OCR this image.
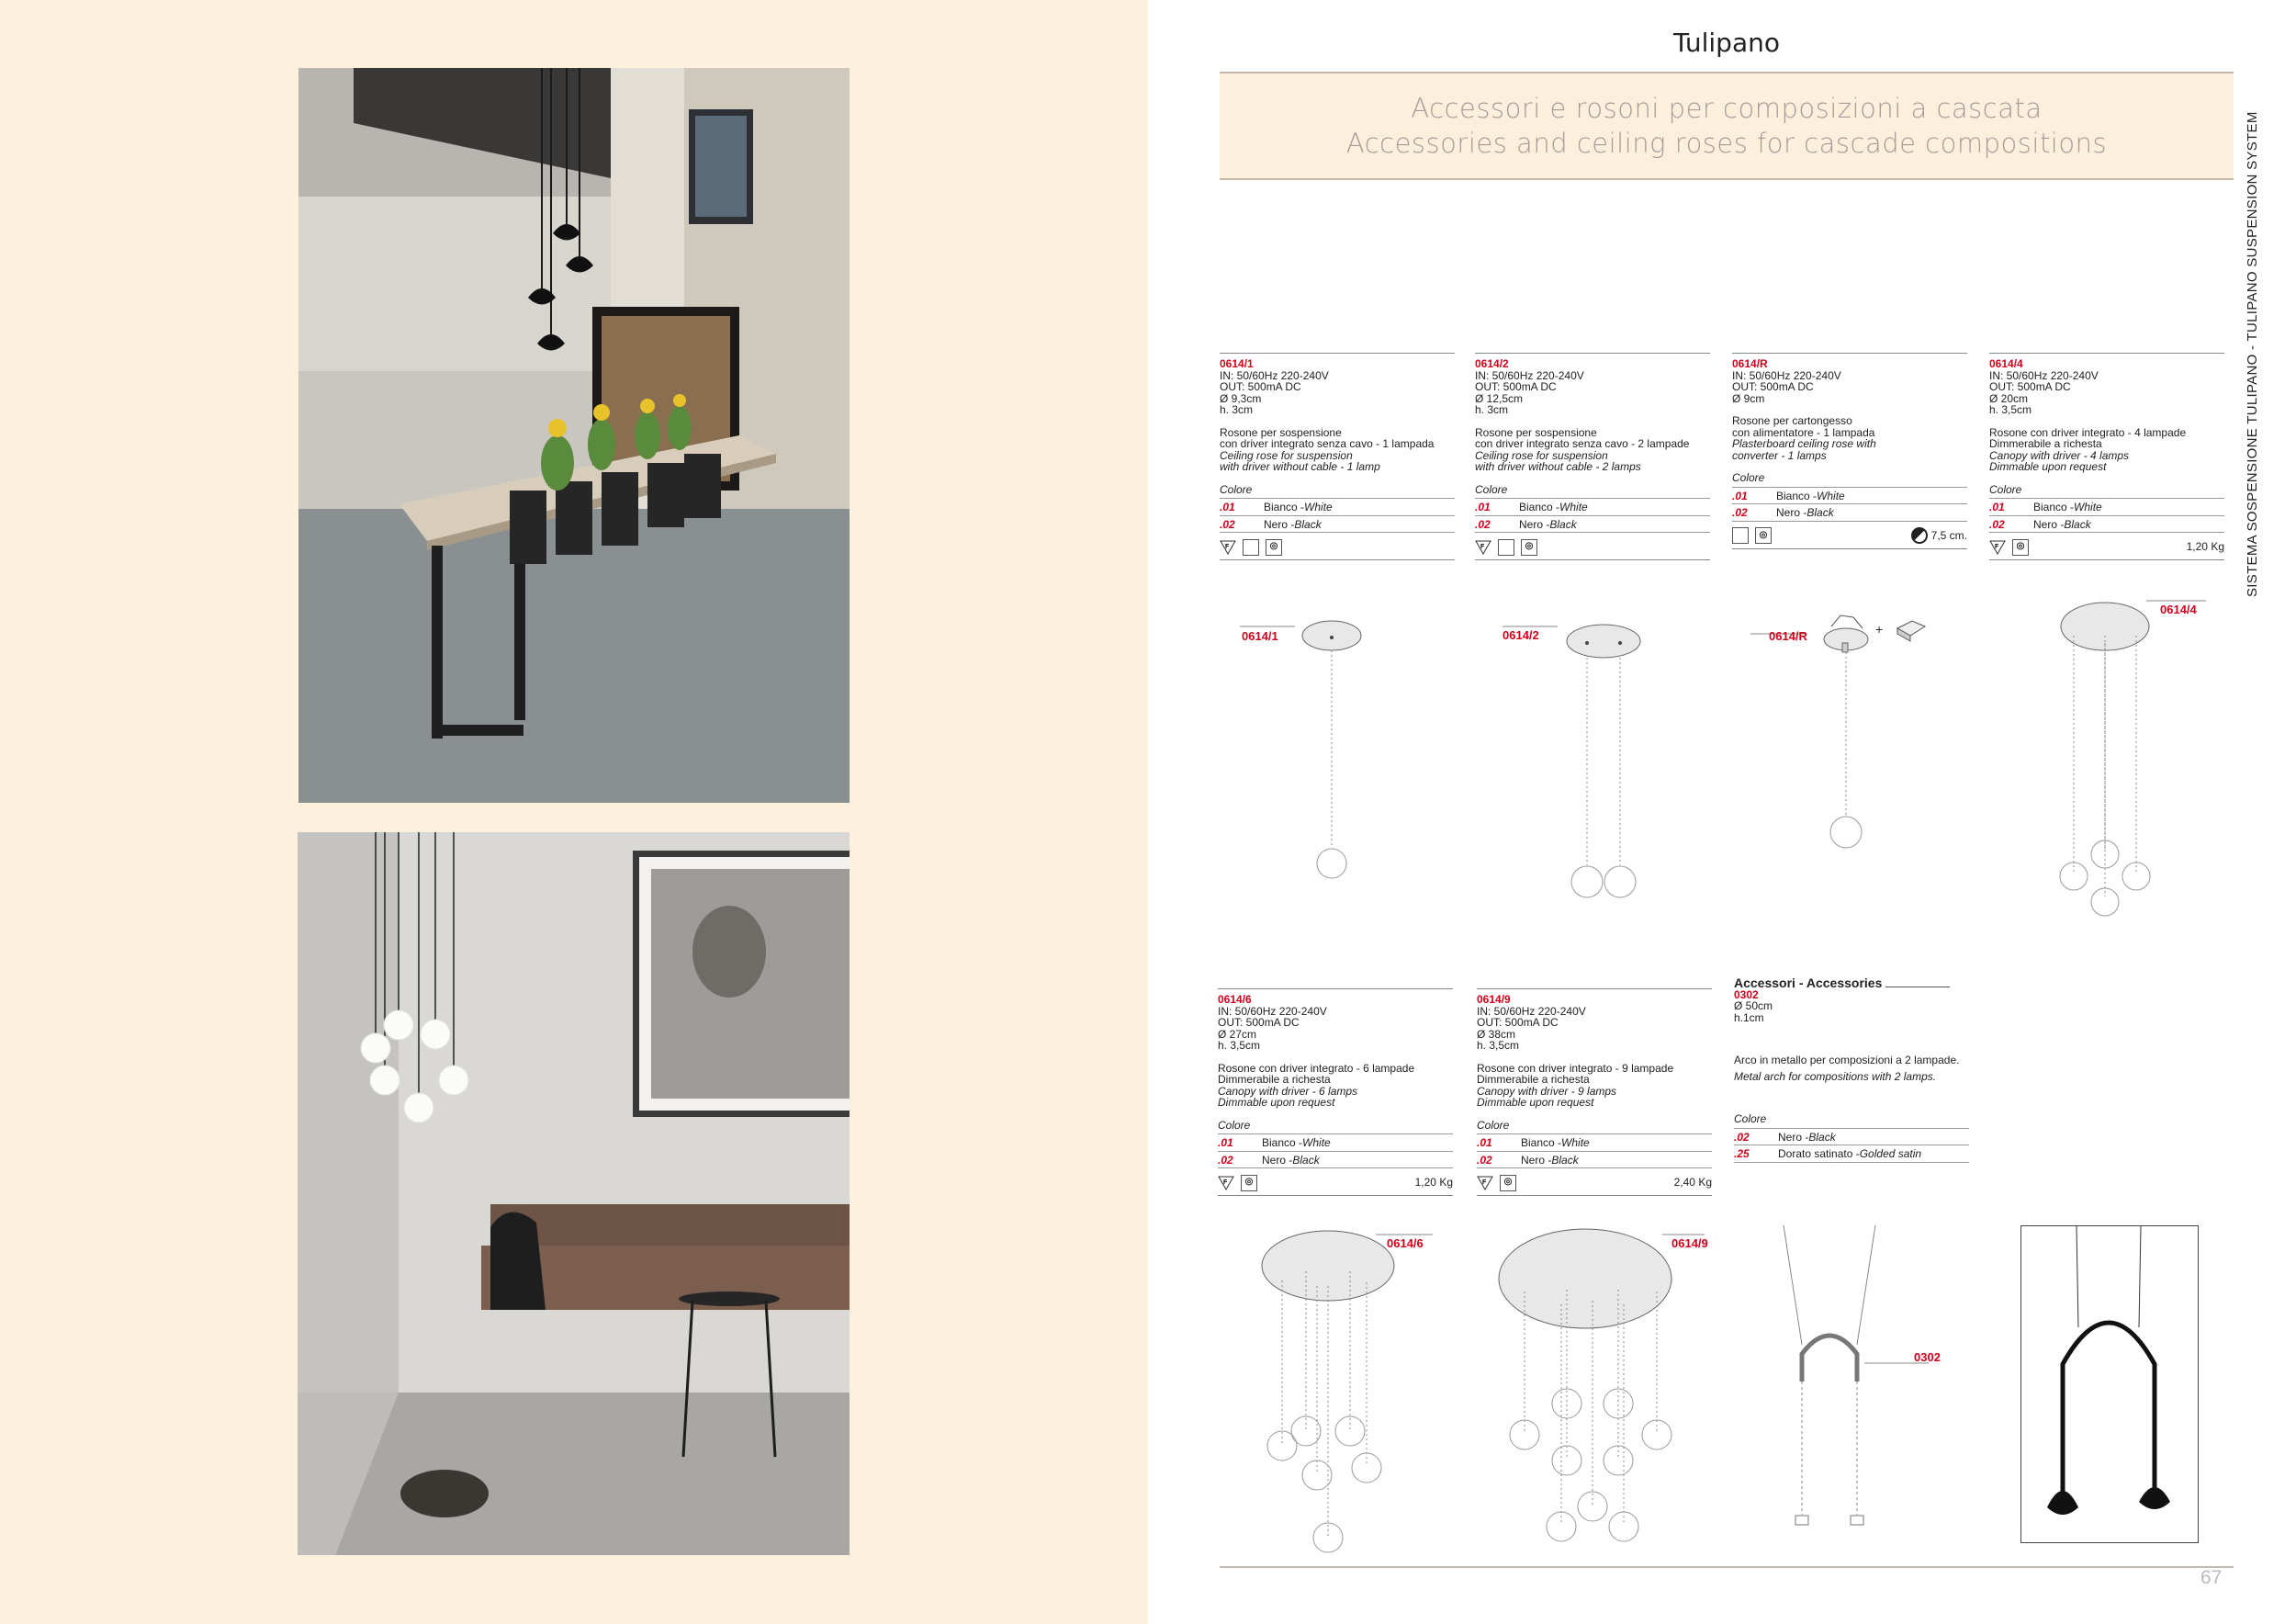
Tulipano
Accessori e rosoni per composizioni a cascata
Accessories and ceiling roses for cascade compositions	SISTEMA SOSPENSIONE TULIPANO - TULIPANO SUSPENSION SYSTEM
0614/1
IN: 50/60Hz 220-240V
OUT: 500mA DC
Ø 9,3cm
h. 3cm
Rosone per sospensione
con driver integrato senza cavo - 1 lampada
Ceiling rose for suspension
with driver without cable - 1 lamp
Colore
.01	Bianco - White
.02	Nero - Black
F	◎
0614/2
IN: 50/60Hz 220-240V
OUT: 500mA DC
Ø 12,5cm
h. 3cm
Rosone per sospensione
con driver integrato senza cavo - 2 lampade
Ceiling rose for suspension
with driver without cable - 2 lamps
Colore
.01	Bianco - White
.02	Nero - Black
F	◎
0614/R
IN: 50/60Hz 220-240V
OUT: 500mA DC
Ø 9cm
Rosone per cartongesso
con alimentatore - 1 lampada
Plasterboard ceiling rose with
converter - 1 lamps
Colore
.01	Bianco - White
.02	Nero - Black
◎	7,5 cm.
0614/4
IN: 50/60Hz 220-240V
OUT: 500mA DC
Ø 20cm
h. 3,5cm
Rosone con driver integrato - 4 lampade
Dimmerabile a richesta
Canopy with driver - 4 lamps
Dimmable upon request
Colore
.01	Bianco - White
.02	Nero - Black
F	◎	1,20 Kg
0614/6
IN: 50/60Hz 220-240V
OUT: 500mA DC
Ø 27cm
h. 3,5cm
Rosone con driver integrato - 6 lampade
Dimmerabile a richesta
Canopy with driver - 6 lamps
Dimmable upon request
Colore
.01	Bianco - White
.02	Nero - Black
F	◎	1,20 Kg
0614/9
IN: 50/60Hz 220-240V
OUT: 500mA DC
Ø 38cm
h. 3,5cm
Rosone con driver integrato - 9 lampade
Dimmerabile a richesta
Canopy with driver - 9 lamps
Dimmable upon request
Colore
.01	Bianco - White
.02	Nero - Black
F	◎	2,40 Kg
Accessori - Accessories
0302
Ø 50cm
h.1cm
Arco in metallo per composizioni a 2 lampade.
Metal arch for compositions with 2 lamps.
Colore
.02	Nero - Black
.25	Dorato satinato - Golded satin
0614/1	0614/2	+
0614/R
0614/4
0614/6	0614/9
0302
67
